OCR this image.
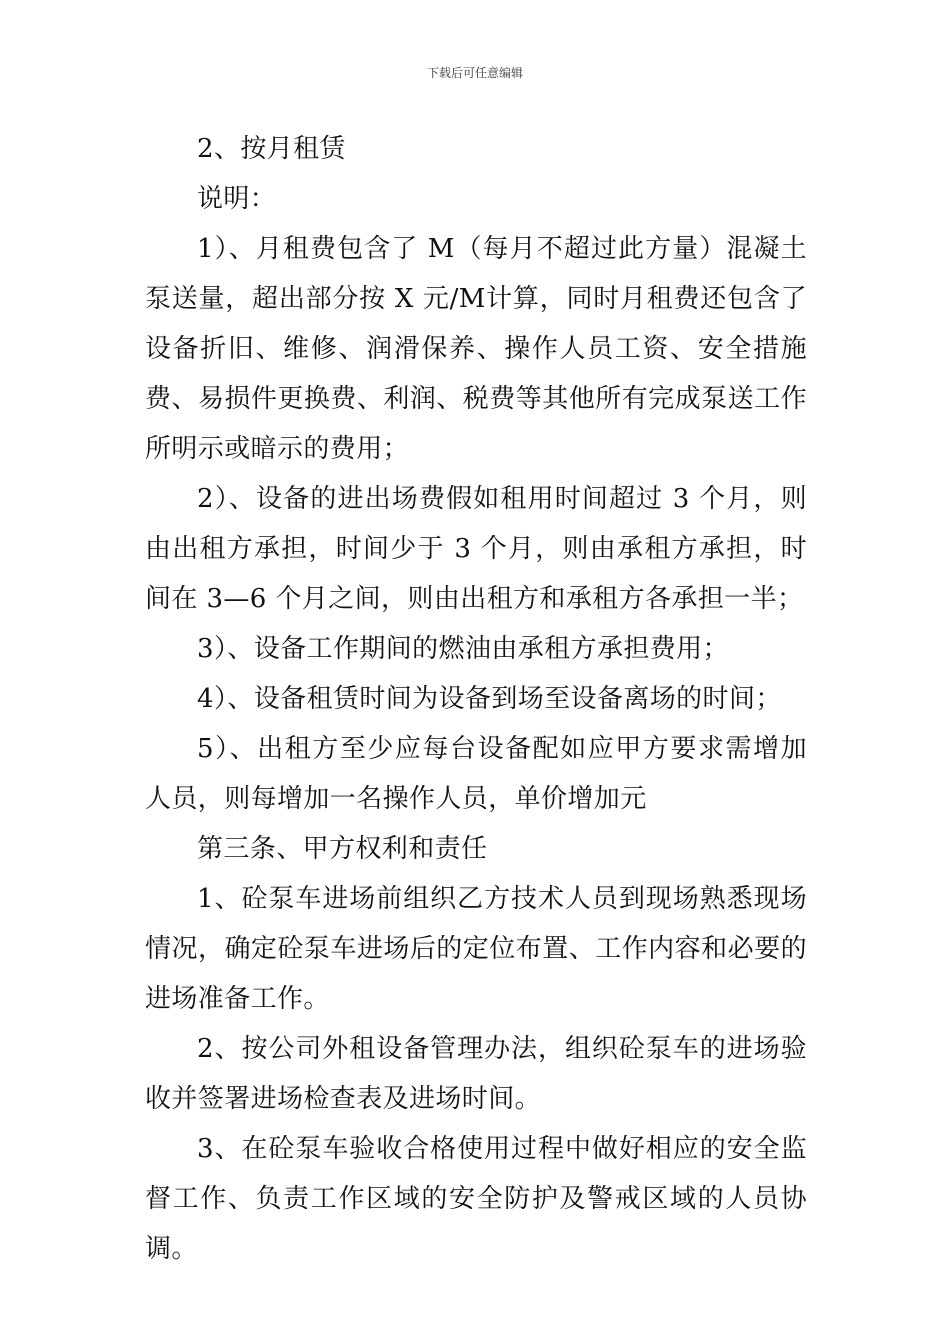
下载后可任意编辑

2、按月租赁

说明：

1）、月租费包含了 M（每月不超过此方量）混凝土泵送量，超出部分按 X 元/M计算，同时月租费还包含了设备折旧、维修、润滑保养、操作人员工资、安全措施费、易损件更换费、利润、税费等其他所有完成泵送工作所明示或暗示的费用；

2）、设备的进出场费假如租用时间超过 3 个月，则由出租方承担，时间少于 3 个月，则由承租方承担，时间在 3—6 个月之间，则由出租方和承租方各承担一半；

3）、设备工作期间的燃油由承租方承担费用；

4）、设备租赁时间为设备到场至设备离场的时间；

5）、出租方至少应每台设备配如应甲方要求需增加人员，则每增加一名操作人员，单价增加元

第三条、甲方权利和责任

1、砼泵车进场前组织乙方技术人员到现场熟悉现场情况，确定砼泵车进场后的定位布置、工作内容和必要的进场准备工作。

2、按公司外租设备管理办法，组织砼泵车的进场验收并签署进场检查表及进场时间。

3、在砼泵车验收合格使用过程中做好相应的安全监督工作、负责工作区域的安全防护及警戒区域的人员协调。
